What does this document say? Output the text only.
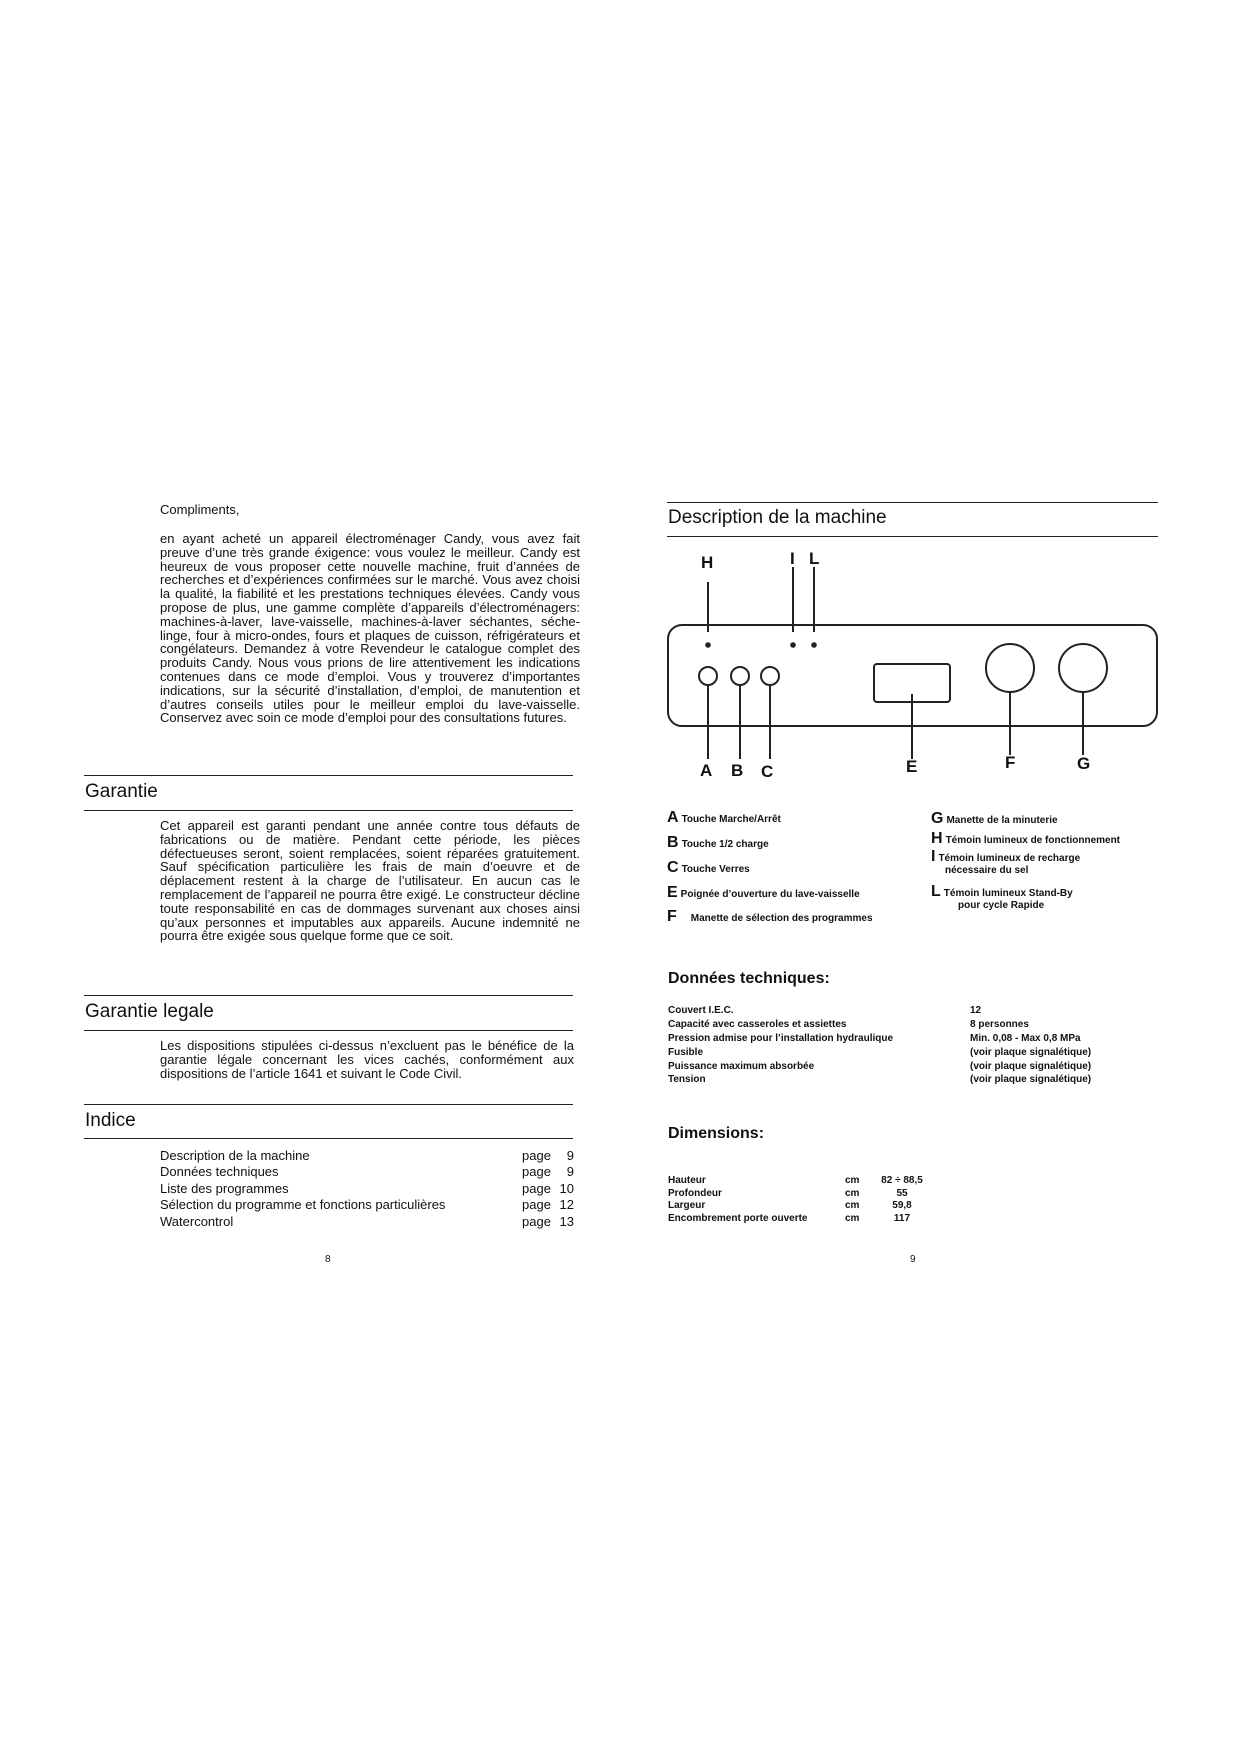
Compliments,
en ayant acheté un appareil électroménager Candy, vous avez fait preuve d’une très grande éxigence: vous voulez le meilleur. Candy est heureux de vous proposer cette nouvelle machine, fruit d’années de recherches et d’expériences confirmées sur le marché. Vous avez choisi la qualité, la fiabilité et les prestations techniques élevées. Candy vous propose de plus, une gamme complète d’appareils d’électroménagers: machines-à-laver, lave-vaisselle, machines-à-laver séchantes, séche-linge, four à micro-ondes, fours et plaques de cuisson, réfrigérateurs et congélateurs. Demandez à votre Revendeur le catalogue complet des produits Candy. Nous vous prions de lire attentivement les indications contenues dans ce mode d’emploi. Vous y trouverez d’importantes indications, sur la sécurité d’installation, d’emploi, de manutention et d’autres conseils utiles pour le meilleur emploi du lave-vaisselle. Conservez avec soin ce mode d’emploi pour des consultations futures.
Garantie
Cet appareil est garanti pendant une année contre tous défauts de fabrications ou de matière. Pendant cette période, les pièces défectueuses seront, soient remplacées, soient réparées gratuitement. Sauf spécification particulière les frais de main d’oeuvre et de déplacement restent à la charge de l’utilisateur. En aucun cas le remplacement de l’appareil ne pourra être exigé. Le constructeur décline toute responsabilité en cas de dommages survenant aux choses ainsi qu’aux personnes et imputables aux appareils. Aucune indemnité ne pourra être exigée sous quelque forme que ce soit.
Garantie legale
Les dispositions stipulées ci-dessus n’excluent pas le bénéfice de la garantie légale concernant les vices cachés, conformément aux dispositions de l’article 1641 et suivant le Code Civil.
Indice
Description de la machine	page 9
Données techniques	page 9
Liste des programmes	page 10
Sélection du programme et fonctions particulières	page 12
Watercontrol	page 13
8
Description de la machine
H	I L
A B C	E	F	G
A Touche Marche/Arrêt
B Touche 1/2 charge
C Touche Verres
E Poignée d’ouverture du lave-vaisselle
F Manette de sélection des programmes
G Manette de la minuterie
H Témoin lumineux de fonctionnement
I Témoin lumineux de recharge
nécessaire du sel
L Témoin lumineux Stand-By
pour cycle Rapide
Données techniques:
Couvert I.E.C.	12
Capacité avec casseroles et assiettes	8 personnes
Pression admise pour l’installation hydraulique	Min. 0,08 - Max 0,8 MPa
Fusible	(voir plaque signalétique)
Puissance maximum absorbée	(voir plaque signalétique)
Tension	(voir plaque signalétique)
Dimensions:
Hauteur	cm	82 ÷ 88,5
Profondeur	cm	55
Largeur	cm	59,8
Encombrement porte ouverte	cm	117
9
